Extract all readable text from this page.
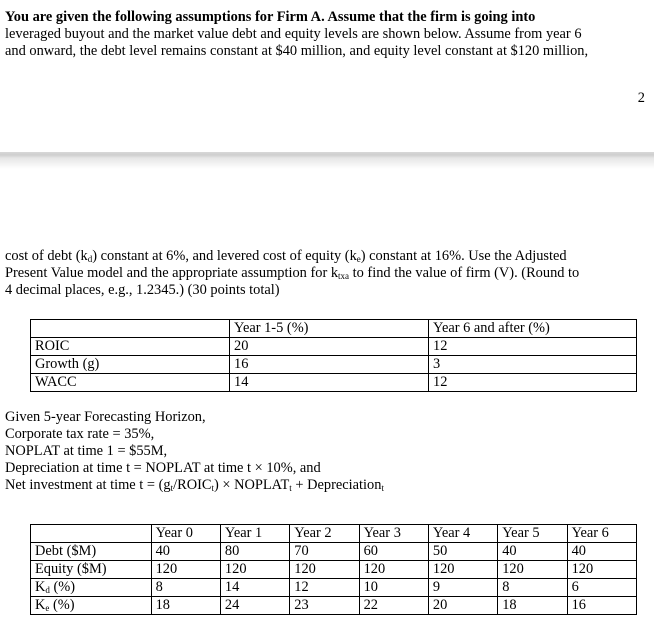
You are given the following assumptions for Firm A. Assume that the firm is going into
leveraged buyout and the market value debt and equity levels are shown below. Assume from year 6
and onward, the debt level remains constant at $40 million, and equity level constant at $120 million,
2
cost of debt $(k_d)$ constant at 6%, and levered cost of equity $(k_e)$ constant at 16%. Use the Adjusted
Present Value model and the appropriate assumption for $k_{txa}$ to find the value of firm (V). (Round to
4 decimal places, e.g., 1.2345.) (30 points total)
	Year 1-5 (%)	Year 6 and after (%)
ROIC	20	12
Growth (g)	16	3
WACC	14	12
Given 5-year Forecasting Horizon,
Corporate tax rate = 35%,
NOPLAT at time 1 = $55M,
Depreciation at time t = NOPLAT at time t × 10%, and
Net investment at time $t = (g_t/ROIC_t)$ × $NOPLAT_t$ + Depreciation$_t$
	Year 0	Year 1	Year 2	Year 3	Year 4	Year 5	Year 6
Debt ($M)	40	80	70	60	50	40	40
Equity ($M)	120	120	120	120	120	120	120
$K_d$ (%)	8	14	12	10	9	8	6
$K_e$ (%)	18	24	23	22	20	18	16
